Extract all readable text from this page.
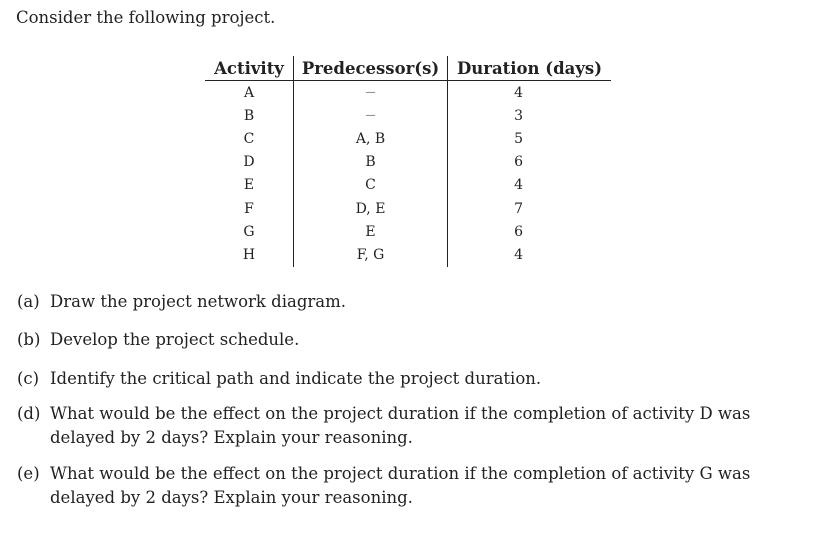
Consider the following project.
Activity	Predecessor(s)	Duration (days)
A	—	4
B	—	3
C	A, B	5
D	B	6
E	C	4
F	D, E	7
G	E	6
H	F, G	4
(a) Draw the project network diagram.
(b) Develop the project schedule.
(c) Identify the critical path and indicate the project duration.
(d) What would be the effect on the project duration if the completion of activity D was delayed by 2 days? Explain your reasoning.
(e) What would be the effect on the project duration if the completion of activity G was delayed by 2 days? Explain your reasoning.
